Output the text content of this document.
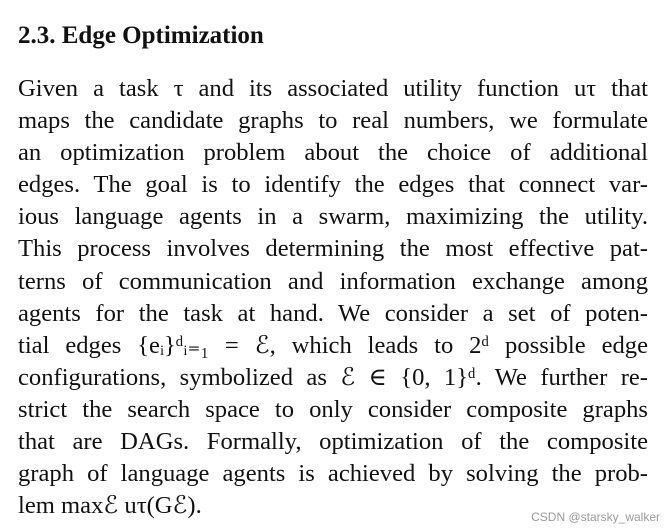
2.3. Edge Optimization
Given a task τ and its associated utility function uτ that
maps the candidate graphs to real numbers, we formulate
an optimization problem about the choice of additional
edges. The goal is to identify the edges that connect var-
ious language agents in a swarm, maximizing the utility.
This process involves determining the most effective pat-
terns of communication and information exchange among
agents for the task at hand. We consider a set of poten-
tial edges {eᵢ}ᵈᵢ₌₁ = ℰ, which leads to 2ᵈ possible edge
configurations, symbolized as ℰ ∈ {0, 1}ᵈ. We further re-
strict the search space to only consider composite graphs
that are DAGs. Formally, optimization of the composite
graph of language agents is achieved by solving the prob-
lem maxℰ uτ(Gℰ).	CSDN @starsky_walker
